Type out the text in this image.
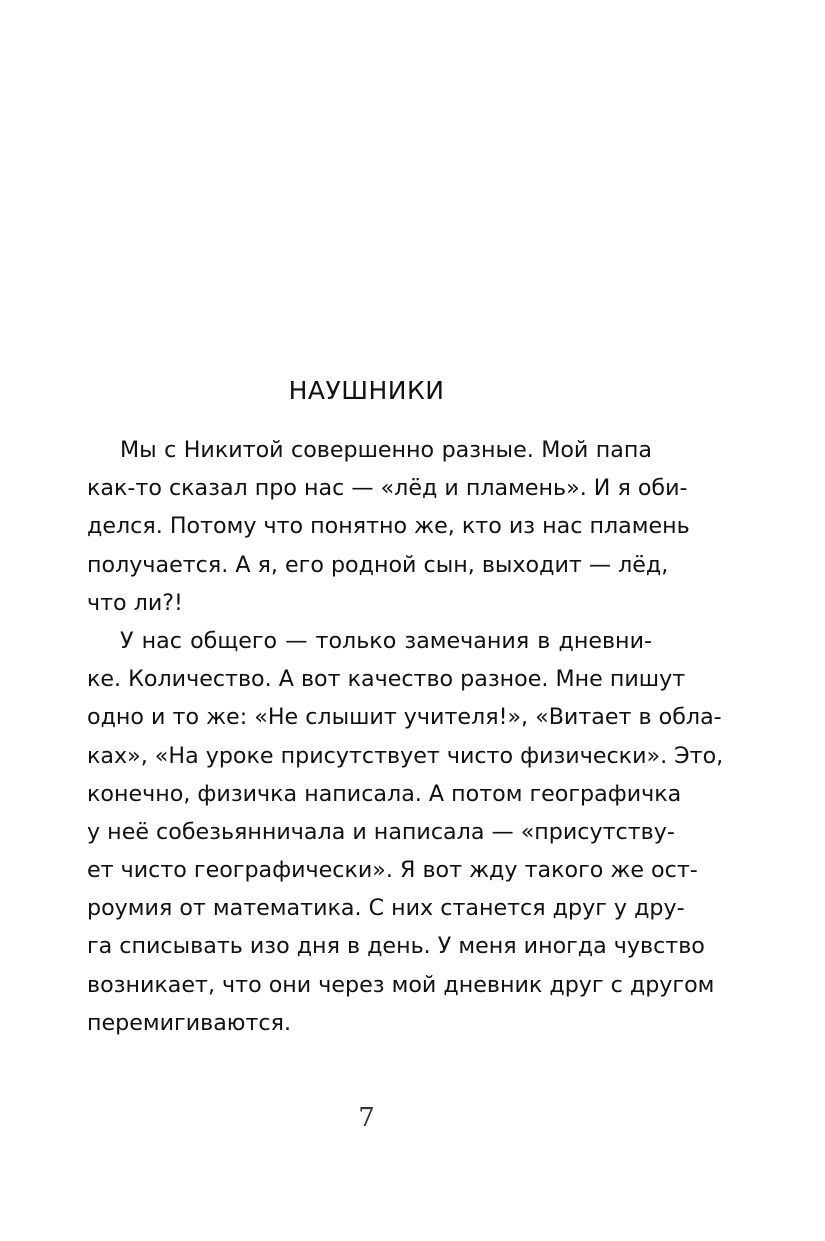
НАУШНИКИ
Мы с Никитой совершенно разные. Мой папа
как-то сказал про нас — «лёд и пламень». И я оби-
делся. Потому что понятно же, кто из нас пламень
получается. А я, его родной сын, выходит — лёд,
что ли?!
У нас общего — только замечания в дневни-
ке. Количество. А вот качество разное. Мне пишут
одно и то же: «Не слышит учителя!», «Витает в обла-
ках», «На уроке присутствует чисто физически». Это,
конечно, физичка написала. А потом географичка
у неё собезьянничала и написала — «присутству-
ет чисто географически». Я вот жду такого же ост-
роумия от математика. С них станется друг у дру-
га списывать изо дня в день. У меня иногда чувство
возникает, что они через мой дневник друг с другом
перемигиваются.
7
